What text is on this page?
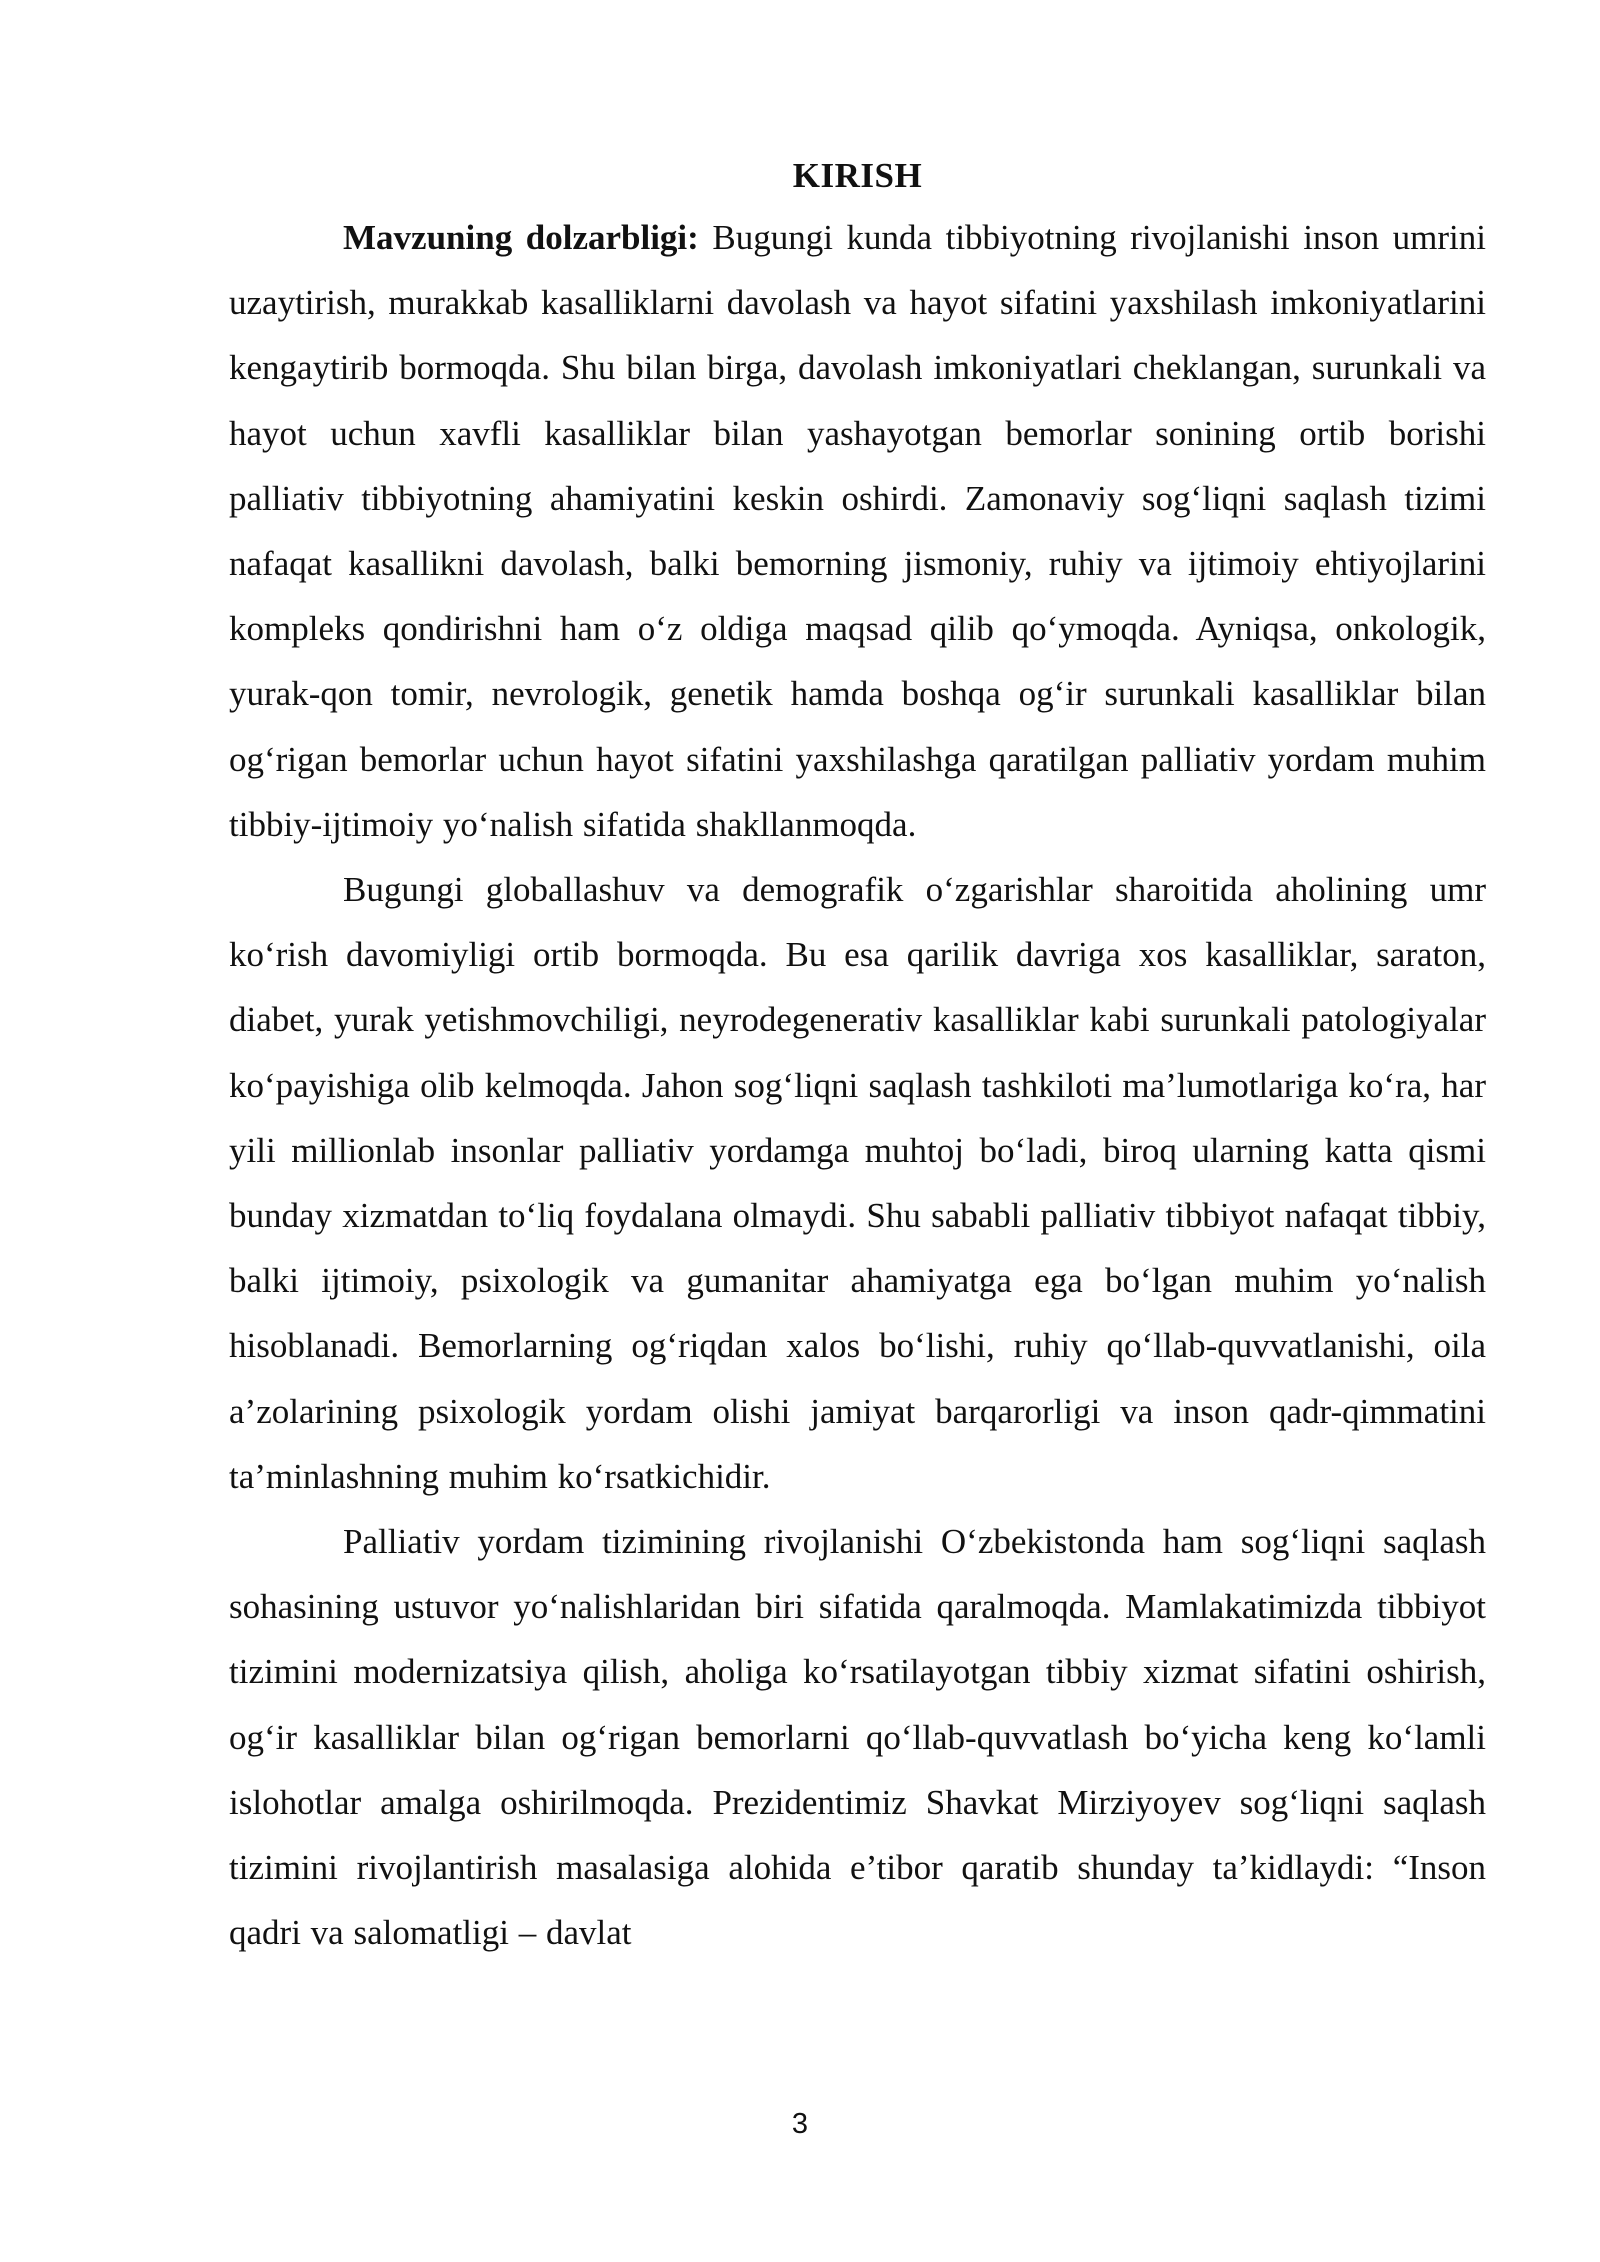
KIRISH

Mavzuning dolzarbligi: Bugungi kunda tibbiyotning rivojlanishi inson umrini uzaytirish, murakkab kasalliklarni davolash va hayot sifatini yaxshilash imkoniyatlarini kengaytirib bormoqda. Shu bilan birga, davolash imkoniyatlari cheklangan, surunkali va hayot uchun xavfli kasalliklar bilan yashayotgan bemorlar sonining ortib borishi palliativ tibbiyotning ahamiyatini keskin oshirdi. Zamonaviy sog‘liqni saqlash tizimi nafaqat kasallikni davolash, balki bemorning jismoniy, ruhiy va ijtimoiy ehtiyojlarini kompleks qondirishni ham o‘z oldiga maqsad qilib qo‘ymoqda. Ayniqsa, onkologik, yurak-qon tomir, nevrologik, genetik hamda boshqa og‘ir surunkali kasalliklar bilan og‘rigan bemorlar uchun hayot sifatini yaxshilashga qaratilgan palliativ yordam muhim tibbiy-ijtimoiy yo‘nalish sifatida shakllanmoqda.

Bugungi globallashuv va demografik o‘zgarishlar sharoitida aholining umr ko‘rish davomiyligi ortib bormoqda. Bu esa qarilik davriga xos kasalliklar, saraton, diabet, yurak yetishmovchiligi, neyrodegenerativ kasalliklar kabi surunkali patologiyalar ko‘payishiga olib kelmoqda. Jahon sog‘liqni saqlash tashkiloti ma’lumotlariga ko‘ra, har yili millionlab insonlar palliativ yordamga muhtoj bo‘ladi, biroq ularning katta qismi bunday xizmatdan to‘liq foydalana olmaydi. Shu sababli palliativ tibbiyot nafaqat tibbiy, balki ijtimoiy, psixologik va gumanitar ahamiyatga ega bo‘lgan muhim yo‘nalish hisoblanadi. Bemorlarning og‘riqdan xalos bo‘lishi, ruhiy qo‘llab-quvvatlanishi, oila a’zolarining psixologik yordam olishi jamiyat barqarorligi va inson qadr-qimmatini ta’minlashning muhim ko‘rsatkichidir.

Palliativ yordam tizimining rivojlanishi O‘zbekistonda ham sog‘liqni saqlash sohasining ustuvor yo‘nalishlaridan biri sifatida qaralmoqda. Mamlakatimizda tibbiyot tizimini modernizatsiya qilish, aholiga ko‘rsatilayotgan tibbiy xizmat sifatini oshirish, og‘ir kasalliklar bilan og‘rigan bemorlarni qo‘llab-quvvatlash bo‘yicha keng ko‘lamli islohotlar amalga oshirilmoqda. Prezidentimiz Shavkat Mirziyoyev sog‘liqni saqlash tizimini rivojlantirish masalasiga alohida e’tibor qaratib shunday ta’kidlaydi: “Inson qadri va salomatligi – davlat

3
